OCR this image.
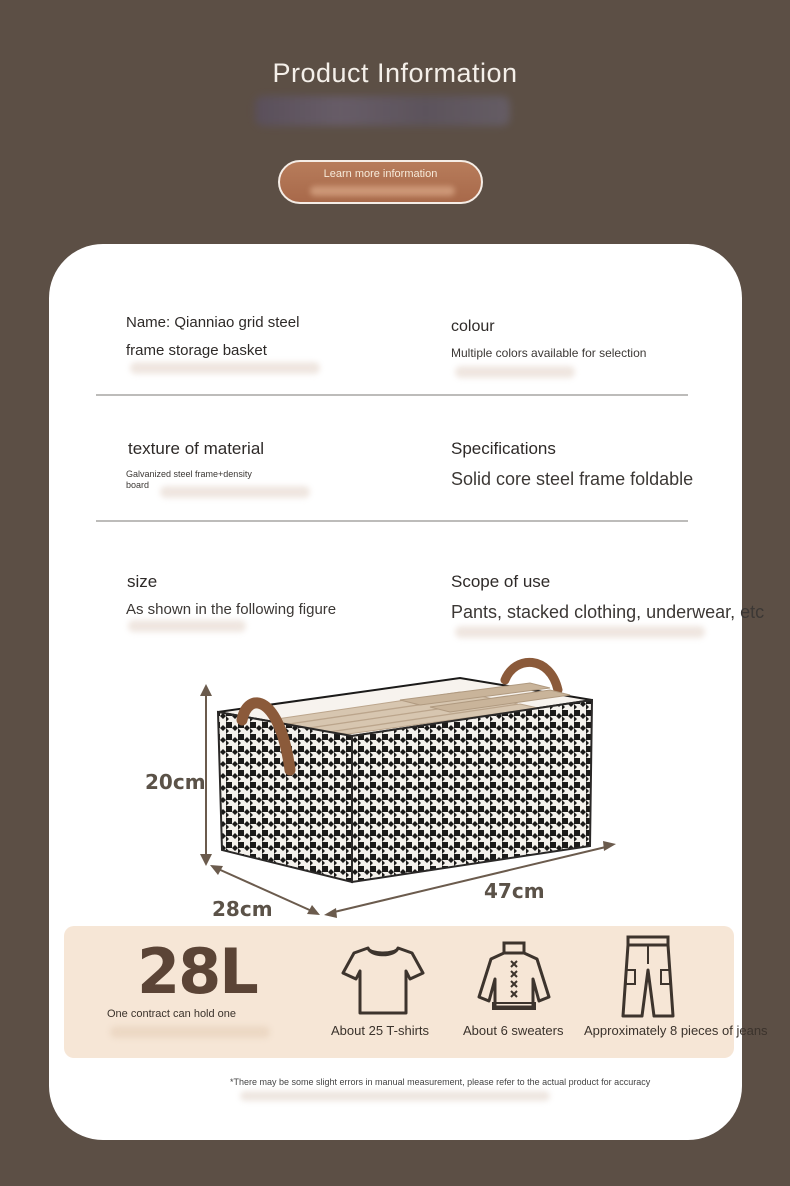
Product Information
Learn more information
Name: Qianniao grid steel
frame storage basket
colour
Multiple colors available for selection
texture of material
Galvanized steel frame+density
board
Specifications
Solid core steel frame foldable
size
As shown in the following figure
Scope of use
Pants, stacked clothing, underwear, etc
20cm
28cm
47cm
28L
One contract can hold one
About 25 T-shirts	About 6 sweaters Approximately 8 pieces of jeans
*There may be some slight errors in manual measurement, please refer to the actual product for accuracy
